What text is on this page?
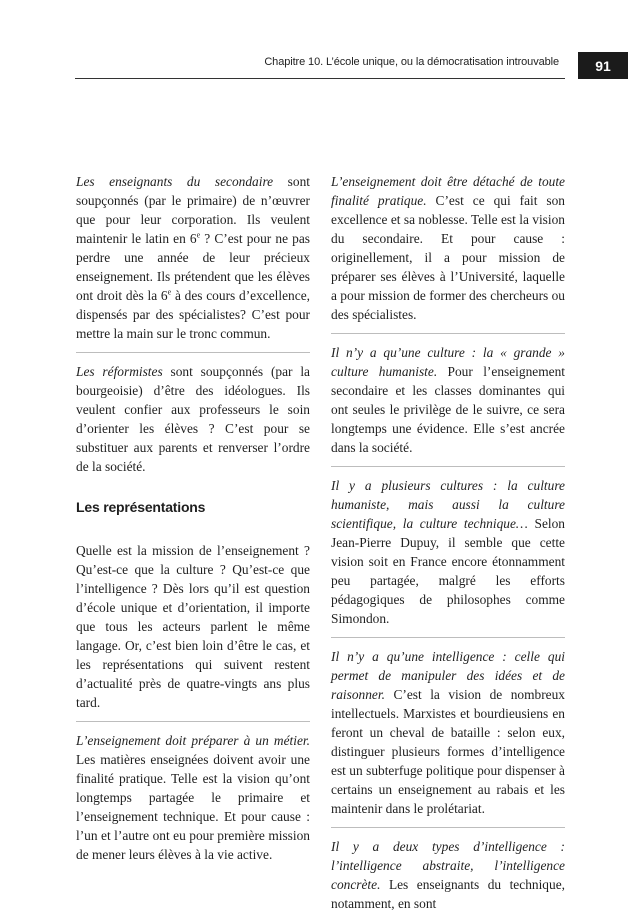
Chapitre 10. L’école unique, ou la démocratisation introuvable	91

Les enseignants du secondaire sont soupçonnés (par le primaire) de n’œuvrer que pour leur corporation. Ils veulent maintenir le latin en 6e ? C’est pour ne pas perdre une année de leur précieux enseignement. Ils prétendent que les élèves ont droit dès la 6e à des cours d’excellence, dispensés par des spécialistes? C’est pour mettre la main sur le tronc commun.

Les réformistes sont soupçonnés (par la bourgeoisie) d’être des idéologues. Ils veulent confier aux professeurs le soin d’orienter les élèves ? C’est pour se substituer aux parents et renverser l’ordre de la société.

Les représentations

Quelle est la mission de l’enseignement ? Qu’est-ce que la culture ? Qu’est-ce que l’intelligence ? Dès lors qu’il est question d’école unique et d’orientation, il importe que tous les acteurs parlent le même langage. Or, c’est bien loin d’être le cas, et les représentations qui suivent restent d’actualité près de quatre-vingts ans plus tard.

L’enseignement doit préparer à un métier. Les matières enseignées doivent avoir une finalité pratique. Telle est la vision qu’ont longtemps partagée le primaire et l’enseignement technique. Et pour cause : l’un et l’autre ont eu pour première mission de mener leurs élèves à la vie active.

L’enseignement doit être détaché de toute finalité pratique. C’est ce qui fait son excellence et sa noblesse. Telle est la vision du secondaire. Et pour cause : originellement, il a pour mission de préparer ses élèves à l’Université, laquelle a pour mission de former des chercheurs ou des spécialistes.

Il n’y a qu’une culture : la « grande » culture humaniste. Pour l’enseignement secondaire et les classes dominantes qui ont seules le privilège de le suivre, ce sera longtemps une évidence. Elle s’est ancrée dans la société.

Il y a plusieurs cultures : la culture humaniste, mais aussi la culture scientifique, la culture technique… Selon Jean-Pierre Dupuy, il semble que cette vision soit en France encore étonnamment peu partagée, malgré les efforts pédagogiques de philosophes comme Simondon.

Il n’y a qu’une intelligence : celle qui permet de manipuler des idées et de raisonner. C’est la vision de nombreux intellectuels. Marxistes et bourdieusiens en feront un cheval de bataille : selon eux, distinguer plusieurs formes d’intelligence est un subterfuge politique pour dispenser à certains un enseignement au rabais et les maintenir dans le prolétariat.

Il y a deux types d’intelligence : l’intelligence abstraite, l’intelligence concrète. Les enseignants du technique, notamment, en sont
